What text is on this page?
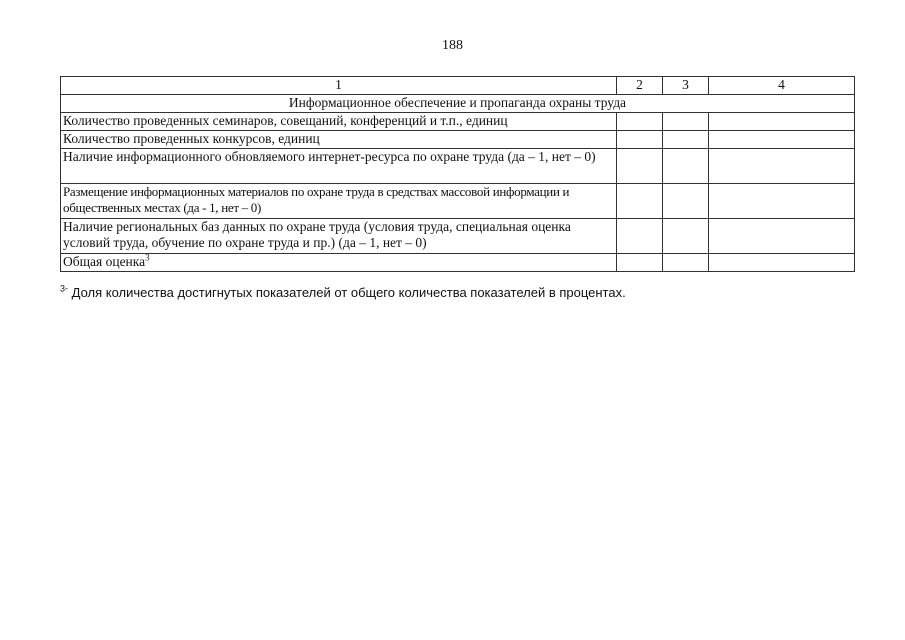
188
1	2	3	4
Информационное обеспечение и пропаганда охраны труда			
Количество проведенных семинаров, совещаний, конференций и т.п., единиц			
Количество проведенных конкурсов, единиц			
Наличие информационного обновляемого интернет-ресурса по охране труда (да – 1, нет – 0)			
Размещение информационных материалов по охране труда в средствах массовой информации и общественных местах (да - 1, нет – 0)			
Наличие региональных баз данных по охране труда (условия труда, специальная оценка условий труда, обучение по охране труда и пр.) (да – 1, нет – 0)			
Общая оценка$^3$			
$^{3-}$ Доля количества достигнутых показателей от общего количества показателей в процентах.
